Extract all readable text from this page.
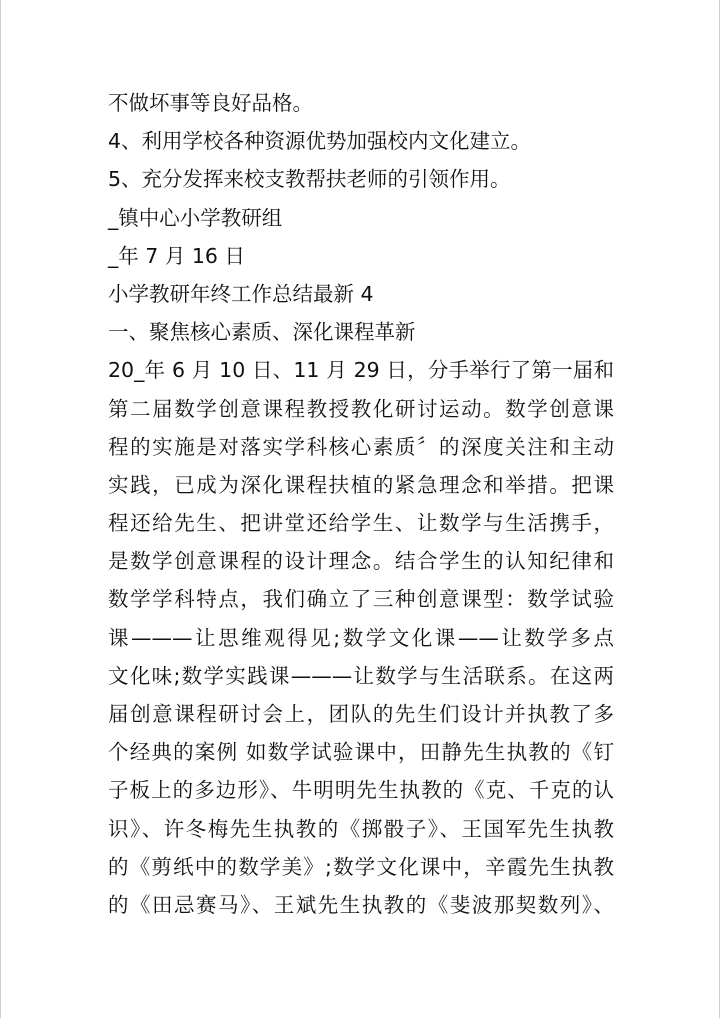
不做坏事等良好品格。
4、利用学校各种资源优势加强校内文化建立。
5、充分发挥来校支教帮扶老师的引领作用。
_镇中心小学教研组
_年 7 月 16 日
小学教研年终工作总结最新 4
一、聚焦核心素质、深化课程革新
20_年 6 月 10 日、11 月 29 日，分手举行了第一届和
第二届数学创意课程教授教化研讨运动。数学创意课
程的实施是对落实学科核心素质〞的深度关注和主动
实践，已成为深化课程扶植的紧急理念和举措。把课
程还给先生、把讲堂还给学生、让数学与生活携手，
是数学创意课程的设计理念。结合学生的认知纪律和
数学学科特点，我们确立了三种创意课型：数学试验
课———让思维观得见;数学文化课——让数学多点
文化味;数学实践课———让数学与生活联系。在这两
届创意课程研讨会上，团队的先生们设计并执教了多
个经典的案例 如数学试验课中，田静先生执教的《钉
子板上的多边形》、牛明明先生执教的《克、千克的认
识》、许冬梅先生执教的《掷骰子》、王国军先生执教
的《剪纸中的数学美》;数学文化课中，辛霞先生执教
的《田忌赛马》、王斌先生执教的《斐波那契数列》、
